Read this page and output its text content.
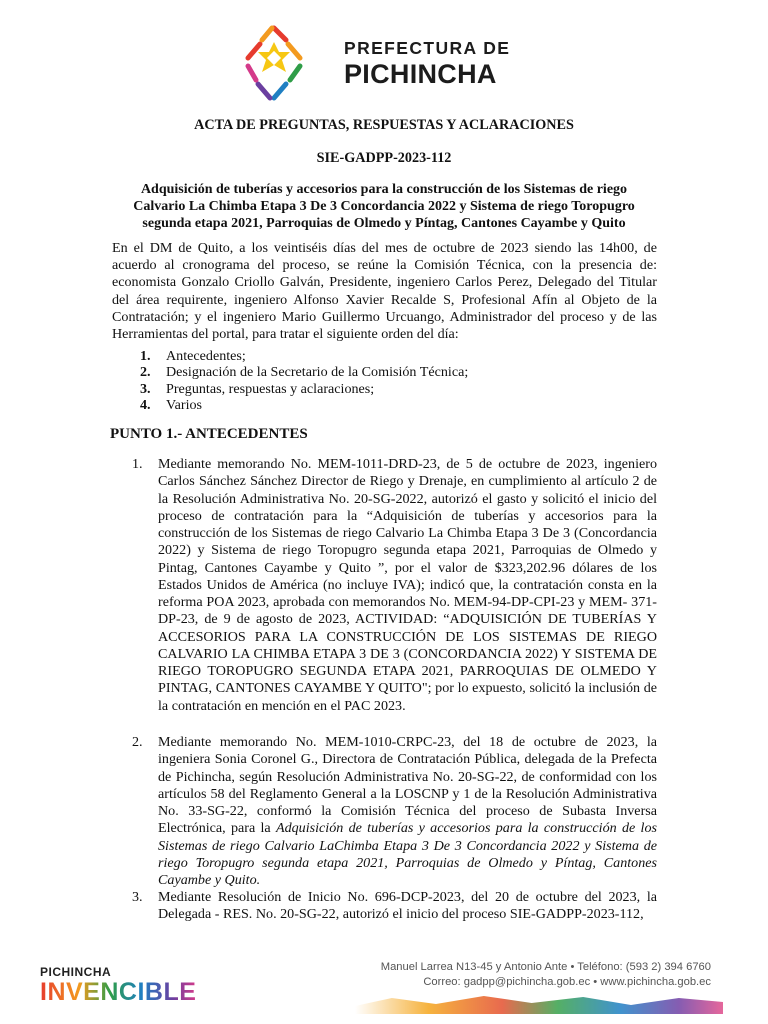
PREFECTURA DE
PICHINCHA
ACTA DE PREGUNTAS, RESPUESTAS Y ACLARACIONES
SIE-GADPP-2023-112
Adquisición de tuberías y accesorios para la construcción de los Sistemas de riego Calvario La Chimba Etapa 3 De 3 Concordancia 2022 y Sistema de riego Toropugro segunda etapa 2021, Parroquias de Olmedo y Píntag, Cantones Cayambe y Quito
En el DM de Quito, a los veintiséis días del mes de octubre de 2023 siendo las 14h00, de acuerdo al cronograma del proceso, se reúne la Comisión Técnica, con la presencia de: economista Gonzalo Criollo Galván, Presidente, ingeniero Carlos Perez, Delegado del Titular del área requirente, ingeniero Alfonso Xavier Recalde S, Profesional Afín al Objeto de la Contratación; y el ingeniero Mario Guillermo Urcuango, Administrador del proceso y de las Herramientas del portal, para tratar el siguiente orden del día:
1.	Antecedentes;
2.	Designación de la Secretario de la Comisión Técnica;
3.	Preguntas, respuestas y aclaraciones;
4.	Varios
PUNTO 1.- ANTECEDENTES
1.	Mediante memorando No. MEM-1011-DRD-23, de 5 de octubre de 2023, ingeniero Carlos Sánchez Sánchez Director de Riego y Drenaje, en cumplimiento al artículo 2 de la Resolución Administrativa No. 20-SG-2022, autorizó el gasto y solicitó el inicio del proceso de contratación para la “Adquisición de tuberías y accesorios para la construcción de los Sistemas de riego Calvario La Chimba Etapa 3 De 3 (Concordancia 2022) y Sistema de riego Toropugro segunda etapa 2021, Parroquias de Olmedo y Pintag, Cantones Cayambe y Quito ”, por el valor de $323,202.96 dólares de los Estados Unidos de América (no incluye IVA); indicó que, la contratación consta en la reforma POA 2023, aprobada con memorandos No. MEM-94-DP-CPI-23 y MEM- 371-DP-23, de 9 de agosto de 2023, ACTIVIDAD: “ADQUISICIÓN DE TUBERÍAS Y ACCESORIOS PARA LA CONSTRUCCIÓN DE LOS SISTEMAS DE RIEGO CALVARIO LA CHIMBA ETAPA 3 DE 3 (CONCORDANCIA 2022) Y SISTEMA DE RIEGO TOROPUGRO SEGUNDA ETAPA 2021, PARROQUIAS DE OLMEDO Y PINTAG, CANTONES CAYAMBE Y QUITO"; por lo expuesto, solicitó la inclusión de la contratación en mención en el PAC 2023.
2.	Mediante memorando No. MEM-1010-CRPC-23, del 18 de octubre de 2023, la ingeniera Sonia Coronel G., Directora de Contratación Pública, delegada de la Prefecta de Pichincha, según Resolución Administrativa No. 20-SG-22, de conformidad con los artículos 58 del Reglamento General a la LOSCNP y 1 de la Resolución Administrativa No. 33-SG-22, conformó la Comisión Técnica del proceso de Subasta Inversa Electrónica, para la Adquisición de tuberías y accesorios para la construcción de los Sistemas de riego Calvario LaChimba Etapa 3 De 3 Concordancia 2022 y Sistema de riego Toropugro segunda etapa 2021, Parroquias de Olmedo y Píntag, Cantones Cayambe y Quito.
3.	Mediante Resolución de Inicio No. 696-DCP-2023, del 20 de octubre del 2023, la Delegada - RES. No. 20-SG-22, autorizó el inicio del proceso SIE-GADPP-2023-112,
PICHINCHA
INVENCIBLE
Manuel Larrea N13-45 y Antonio Ante • Teléfono: (593 2) 394 6760
Correo: gadpp@pichincha.gob.ec • www.pichincha.gob.ec
